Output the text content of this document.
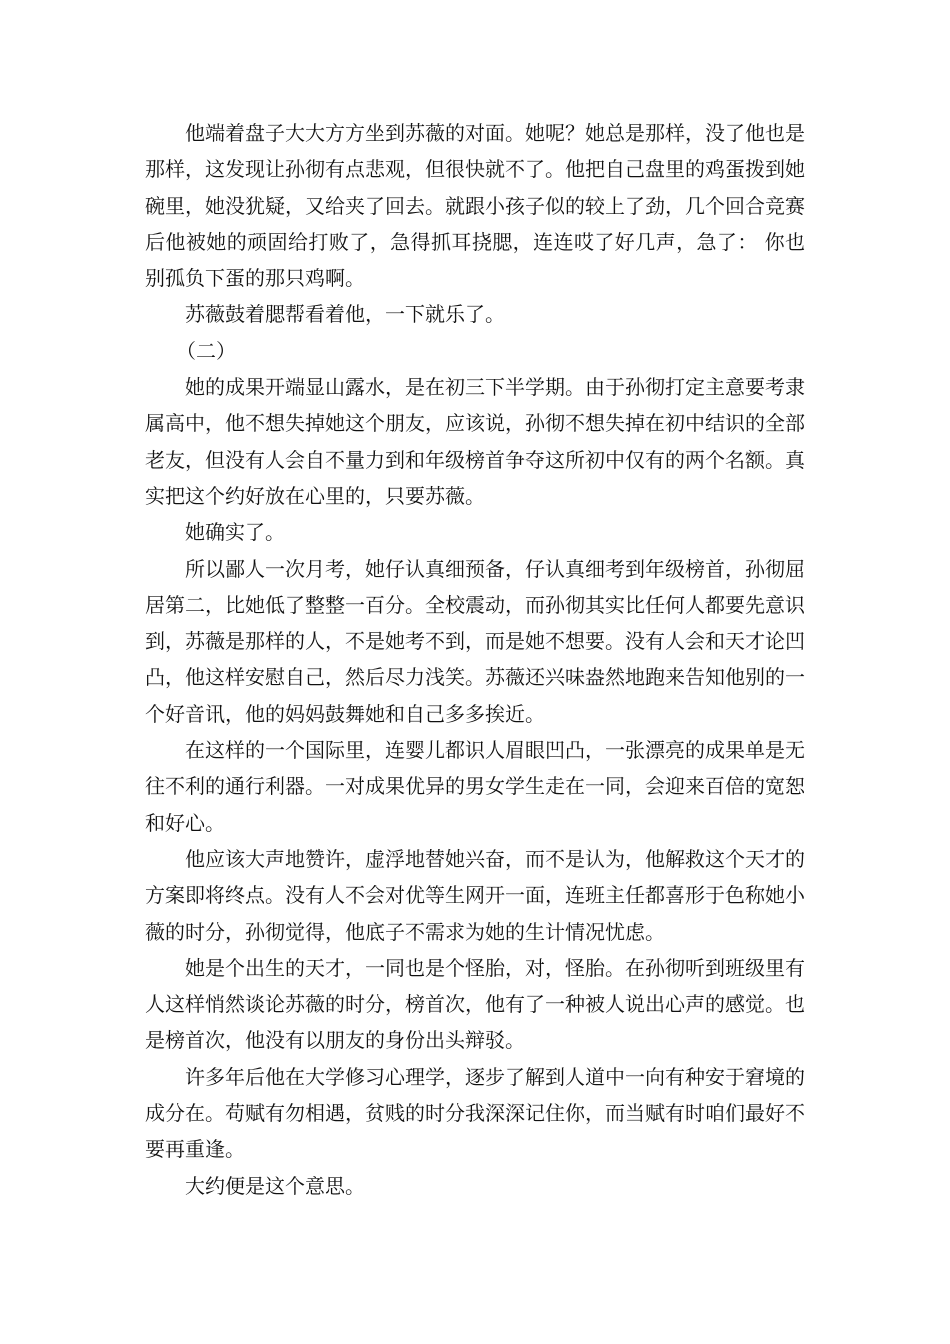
他端着盘子大大方方坐到苏薇的对面。她呢？她总是那样，没了他也是那样，这发现让孙彻有点悲观，但很快就不了。他把自己盘里的鸡蛋拨到她碗里，她没犹疑，又给夹了回去。就跟小孩子似的较上了劲，几个回合竞赛后他被她的顽固给打败了，急得抓耳挠腮，连连哎了好几声，急了： 你也别孤负下蛋的那只鸡啊。

苏薇鼓着腮帮看着他，一下就乐了。

（二）

她的成果开端显山露水，是在初三下半学期。由于孙彻打定主意要考隶属高中，他不想失掉她这个朋友，应该说，孙彻不想失掉在初中结识的全部老友，但没有人会自不量力到和年级榜首争夺这所初中仅有的两个名额。真实把这个约好放在心里的，只要苏薇。

她确实了。

所以鄙人一次月考，她仔认真细预备，仔认真细考到年级榜首，孙彻屈居第二，比她低了整整一百分。全校震动，而孙彻其实比任何人都要先意识到，苏薇是那样的人，不是她考不到，而是她不想要。没有人会和天才论凹凸，他这样安慰自己，然后尽力浅笑。苏薇还兴味盎然地跑来告知他别的一个好音讯，他的妈妈鼓舞她和自己多多挨近。

在这样的一个国际里，连婴儿都识人眉眼凹凸，一张漂亮的成果单是无往不利的通行利器。一对成果优异的男女学生走在一同，会迎来百倍的宽恕和好心。

他应该大声地赞许，虚浮地替她兴奋，而不是认为，他解救这个天才的方案即将终点。没有人不会对优等生网开一面，连班主任都喜形于色称她小薇的时分，孙彻觉得，他底子不需求为她的生计情况忧虑。

她是个出生的天才，一同也是个怪胎，对，怪胎。在孙彻听到班级里有人这样悄然谈论苏薇的时分，榜首次，他有了一种被人说出心声的感觉。也是榜首次，他没有以朋友的身份出头辩驳。

许多年后他在大学修习心理学，逐步了解到人道中一向有种安于窘境的成分在。苟赋有勿相遇，贫贱的时分我深深记住你，而当赋有时咱们最好不要再重逢。

大约便是这个意思。
